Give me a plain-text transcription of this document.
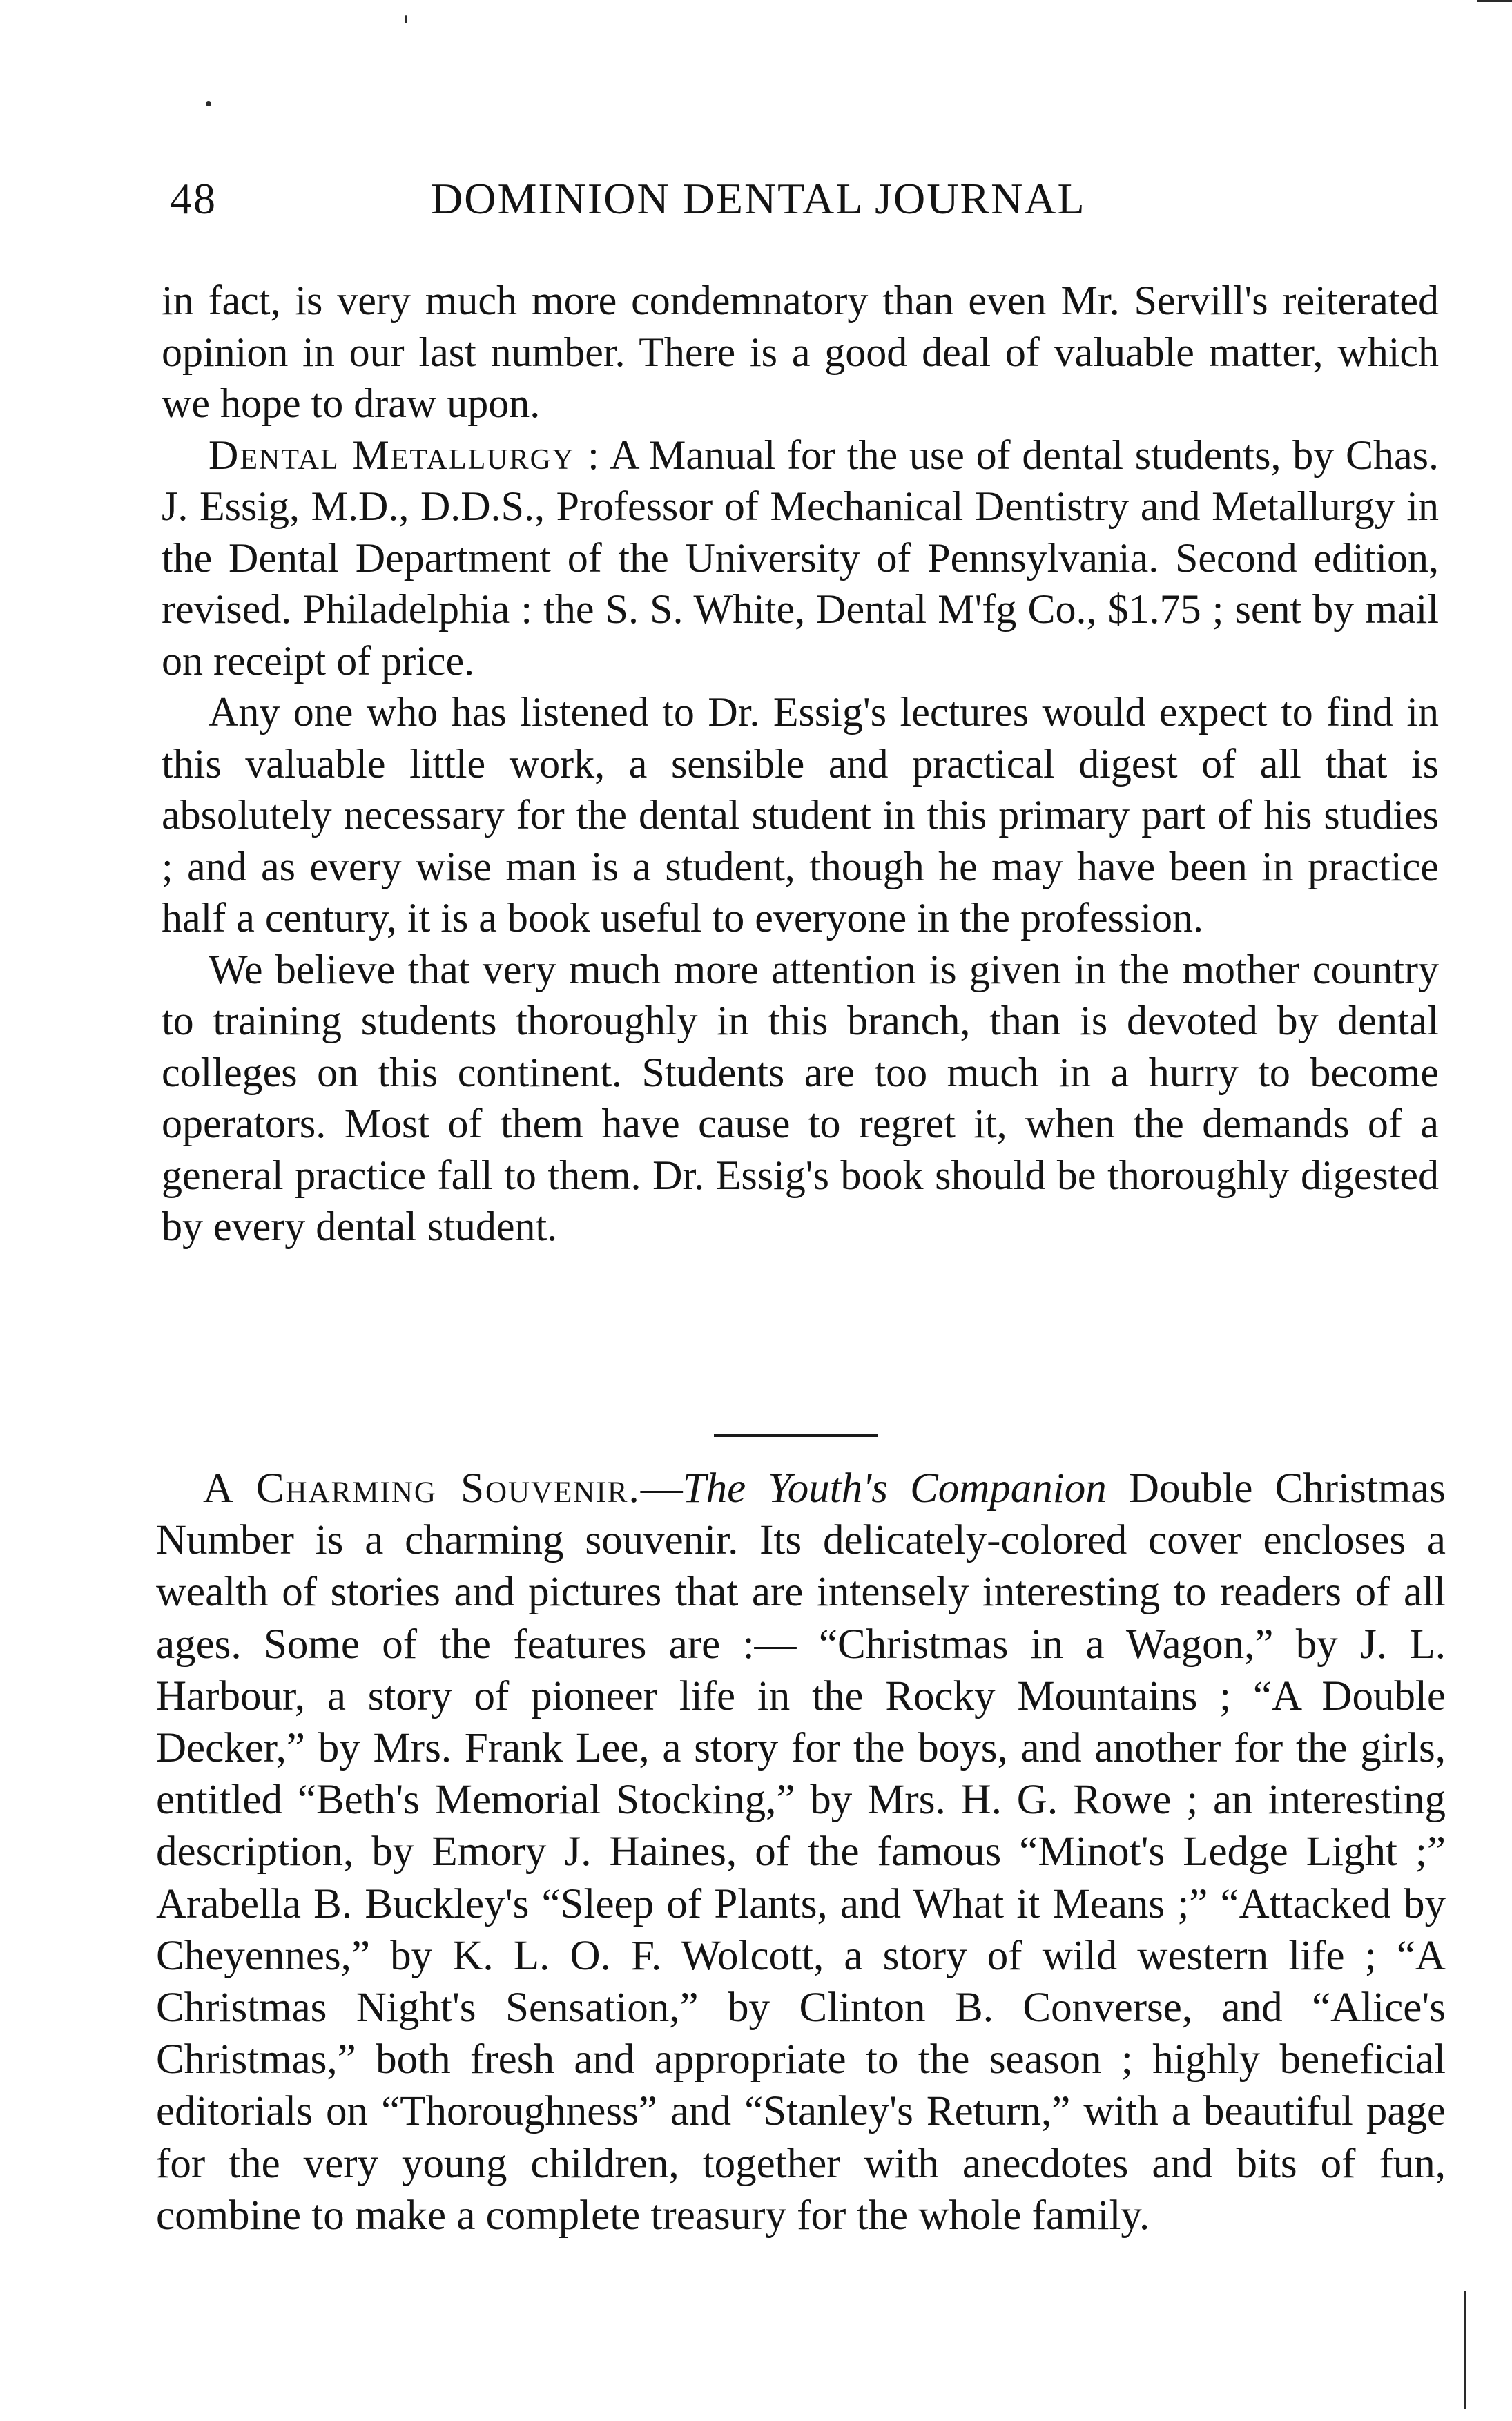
48	DOMINION DENTAL JOURNAL

in fact, is very much more condemnatory than even Mr. Servill's reiterated opinion in our last number. There is a good deal of valuable matter, which we hope to draw upon.

Dental Metallurgy : A Manual for the use of dental students, by Chas. J. Essig, M.D., D.D.S., Professor of Mechanical Dentistry and Metallurgy in the Dental Department of the University of Pennsylvania. Second edition, revised. Philadelphia : the S. S. White, Dental M'fg Co., $1.75 ; sent by mail on receipt of price.

Any one who has listened to Dr. Essig's lectures would expect to find in this valuable little work, a sensible and practical digest of all that is absolutely necessary for the dental student in this primary part of his studies ; and as every wise man is a student, though he may have been in practice half a century, it is a book useful to everyone in the profession.

We believe that very much more attention is given in the mother country to training students thoroughly in this branch, than is devoted by dental colleges on this continent. Students are too much in a hurry to become operators. Most of them have cause to regret it, when the demands of a general practice fall to them. Dr. Essig's book should be thoroughly digested by every dental student.

A Charming Souvenir.—The Youth's Companion Double Christmas Number is a charming souvenir. Its delicately-colored cover encloses a wealth of stories and pictures that are intensely interesting to readers of all ages. Some of the features are :— “Christmas in a Wagon,” by J. L. Harbour, a story of pioneer life in the Rocky Mountains ; “A Double Decker,” by Mrs. Frank Lee, a story for the boys, and another for the girls, entitled “Beth's Memorial Stocking,” by Mrs. H. G. Rowe ; an interesting description, by Emory J. Haines, of the famous “Minot's Ledge Light ;” Arabella B. Buckley's “Sleep of Plants, and What it Means ;” “Attacked by Cheyennes,” by K. L. O. F. Wolcott, a story of wild western life ; “A Christmas Night's Sensation,” by Clinton B. Converse, and “Alice's Christmas,” both fresh and appropriate to the season ; highly beneficial editorials on “Thoroughness” and “Stanley's Return,” with a beautiful page for the very young children, together with anecdotes and bits of fun, combine to make a complete treasury for the whole family.
